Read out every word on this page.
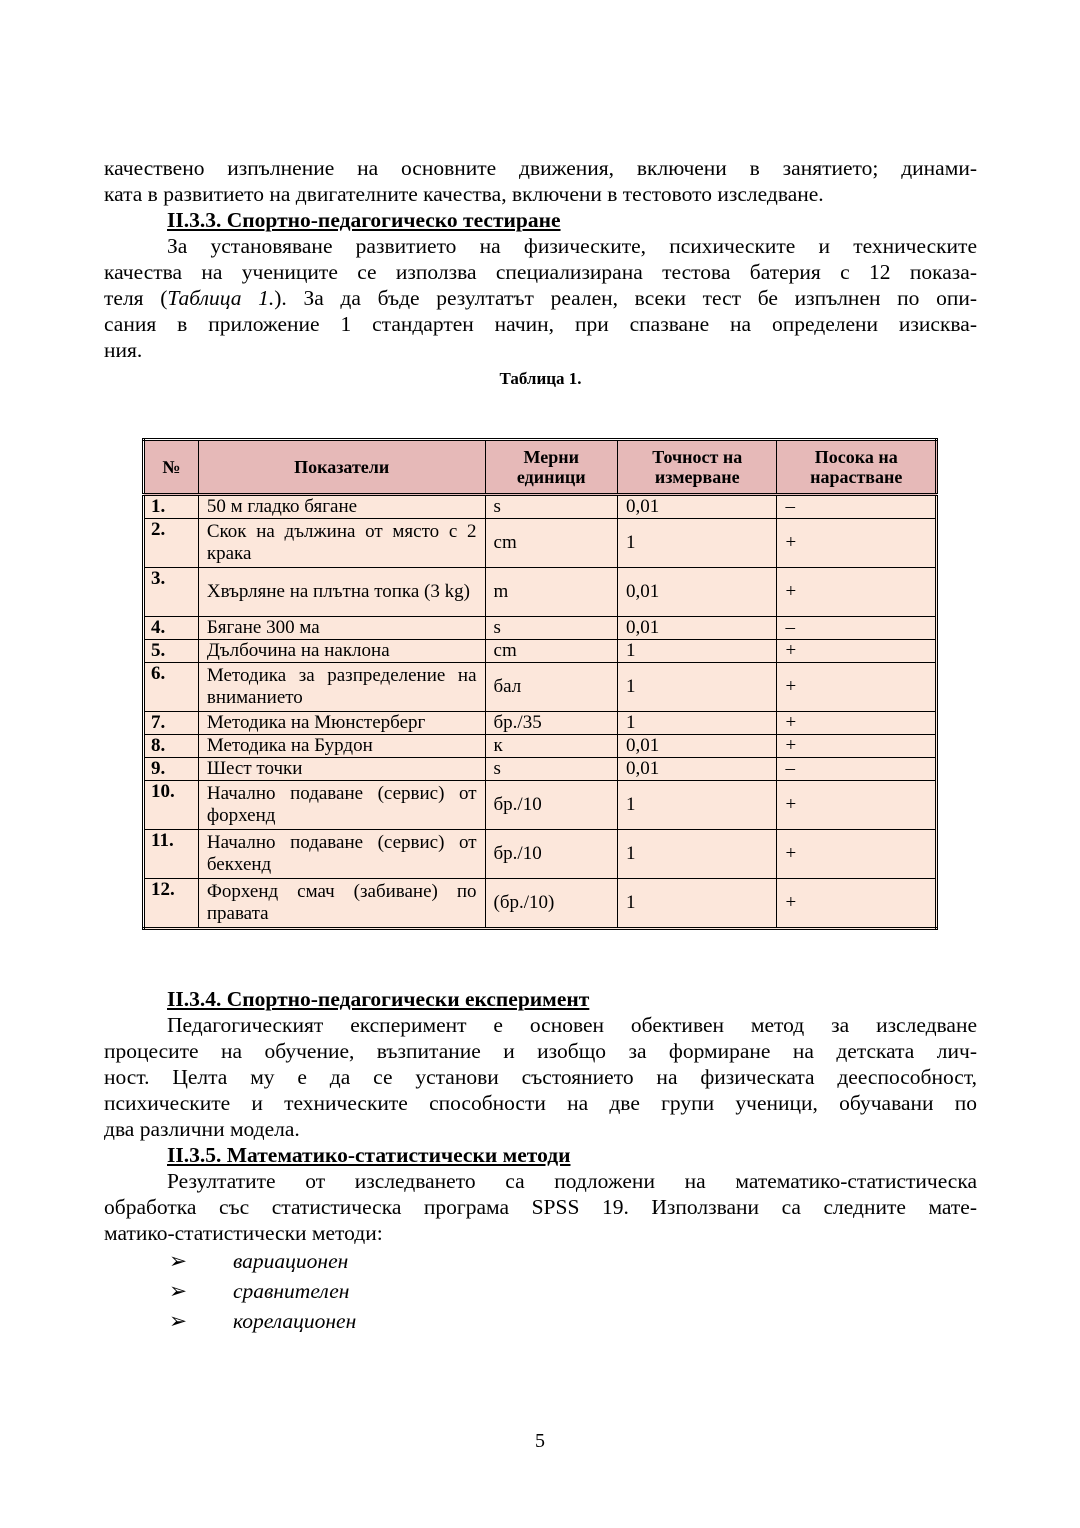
качествено изпълнение на основните движения, включени в занятието; динами-

ката в развитието на двигателните качества, включени в тестовото изследване.

II.3.3. Спортно-педагогическо тестиране

За установяване развитието на физическите, психическите и техническите

качества на учениците се използва специализирана тестова батерия с 12 показа-

теля (Таблица 1.). За да бъде резултатът реален, всеки тест бе изпълнен по опи-

сания в приложение 1 стандартен начин, при спазване на определени изисква-

ния.

Таблица 1.

№	Показатели	Мерни единици	Точност на измерване	Посока на нарастване
1.	50 м гладко бягане	s	0,01	–
2.	Скок на дължина от място с 2 крака	cm	1	+
3.	Хвърляне на плътна топка (3 kg)	m	0,01	+
4.	Бягане 300 ма	s	0,01	–
5.	Дълбочина на наклона	cm	1	+
6.	Методика за разпределение на вниманието	бал	1	+
7.	Методика на Мюнстерберг	бр./35	1	+
8.	Методика на Бурдон	к	0,01	+
9.	Шест точки	s	0,01	–
10.	Начално подаване (сервис) от форхенд	бр./10	1	+
11.	Начално подаване (сервис) от бекхенд	бр./10	1	+
12.	Форхенд смач (забиване) по правата	(бр./10)	1	+

II.3.4. Спортно-педагогически експеримент

Педагогическият експеримент е основен обективен метод за изследване

процесите на обучение, възпитание и изобщо за формиране на детската лич-

ност. Целта му е да се установи състоянието на физическата дееспособност,

психическите и техническите способности на две групи ученици, обучавани по

два различни модела.

II.3.5. Математико-статистически методи

Резултатите от изследването са подложени на математико-статистическа

обработка със статистическа програма SPSS 19. Използвани са следните мате-

матико-статистически методи:

➢ вариационен
➢ сравнителен
➢ корелационен
5
